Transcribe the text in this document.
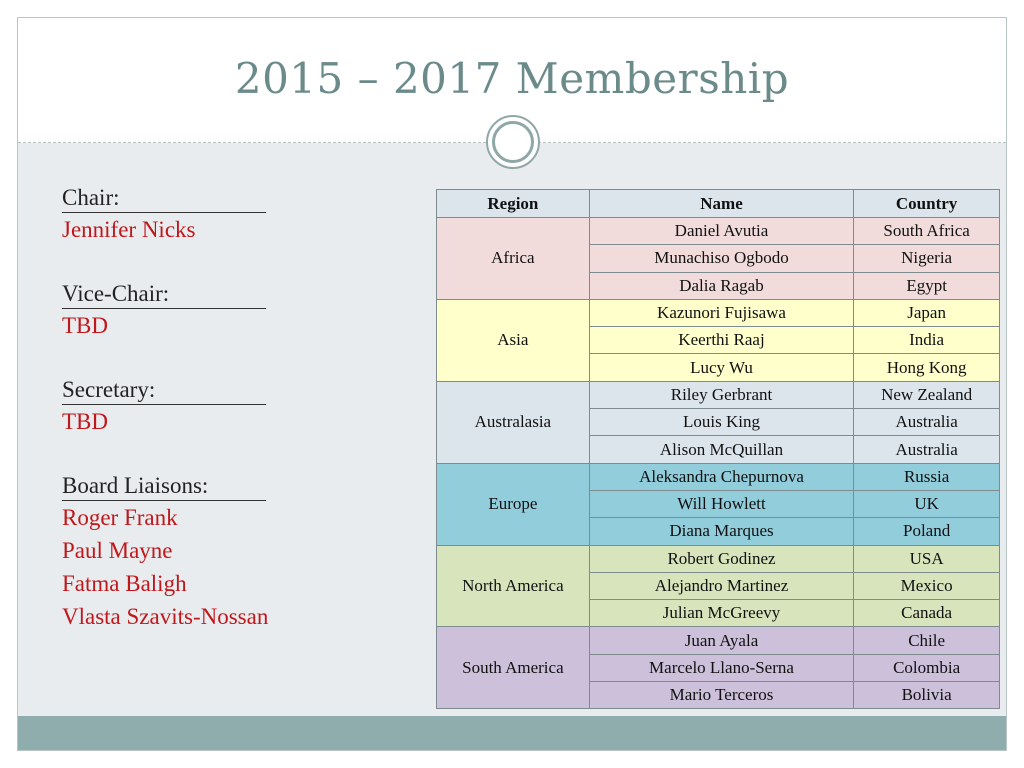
2015 – 2017 Membership
Chair:
Jennifer Nicks
Vice-Chair:
TBD
Secretary:
TBD
Board Liaisons:
Roger Frank
Paul Mayne
Fatma Baligh
Vlasta Szavits-Nossan
Region	Name	Country
Africa	Daniel Avutia	South Africa
	Munachiso Ogbodo	Nigeria
	Dalia Ragab	Egypt
Asia	Kazunori Fujisawa	Japan
	Keerthi Raaj	India
	Lucy Wu	Hong Kong
Australasia	Riley Gerbrant	New Zealand
	Louis King	Australia
	Alison McQuillan	Australia
Europe	Aleksandra Chepurnova	Russia
	Will Howlett	UK
	Diana Marques	Poland
North America	Robert Godinez	USA
	Alejandro Martinez	Mexico
	Julian McGreevy	Canada
South America	Juan Ayala	Chile
	Marcelo Llano-Serna	Colombia
	Mario Terceros	Bolivia
